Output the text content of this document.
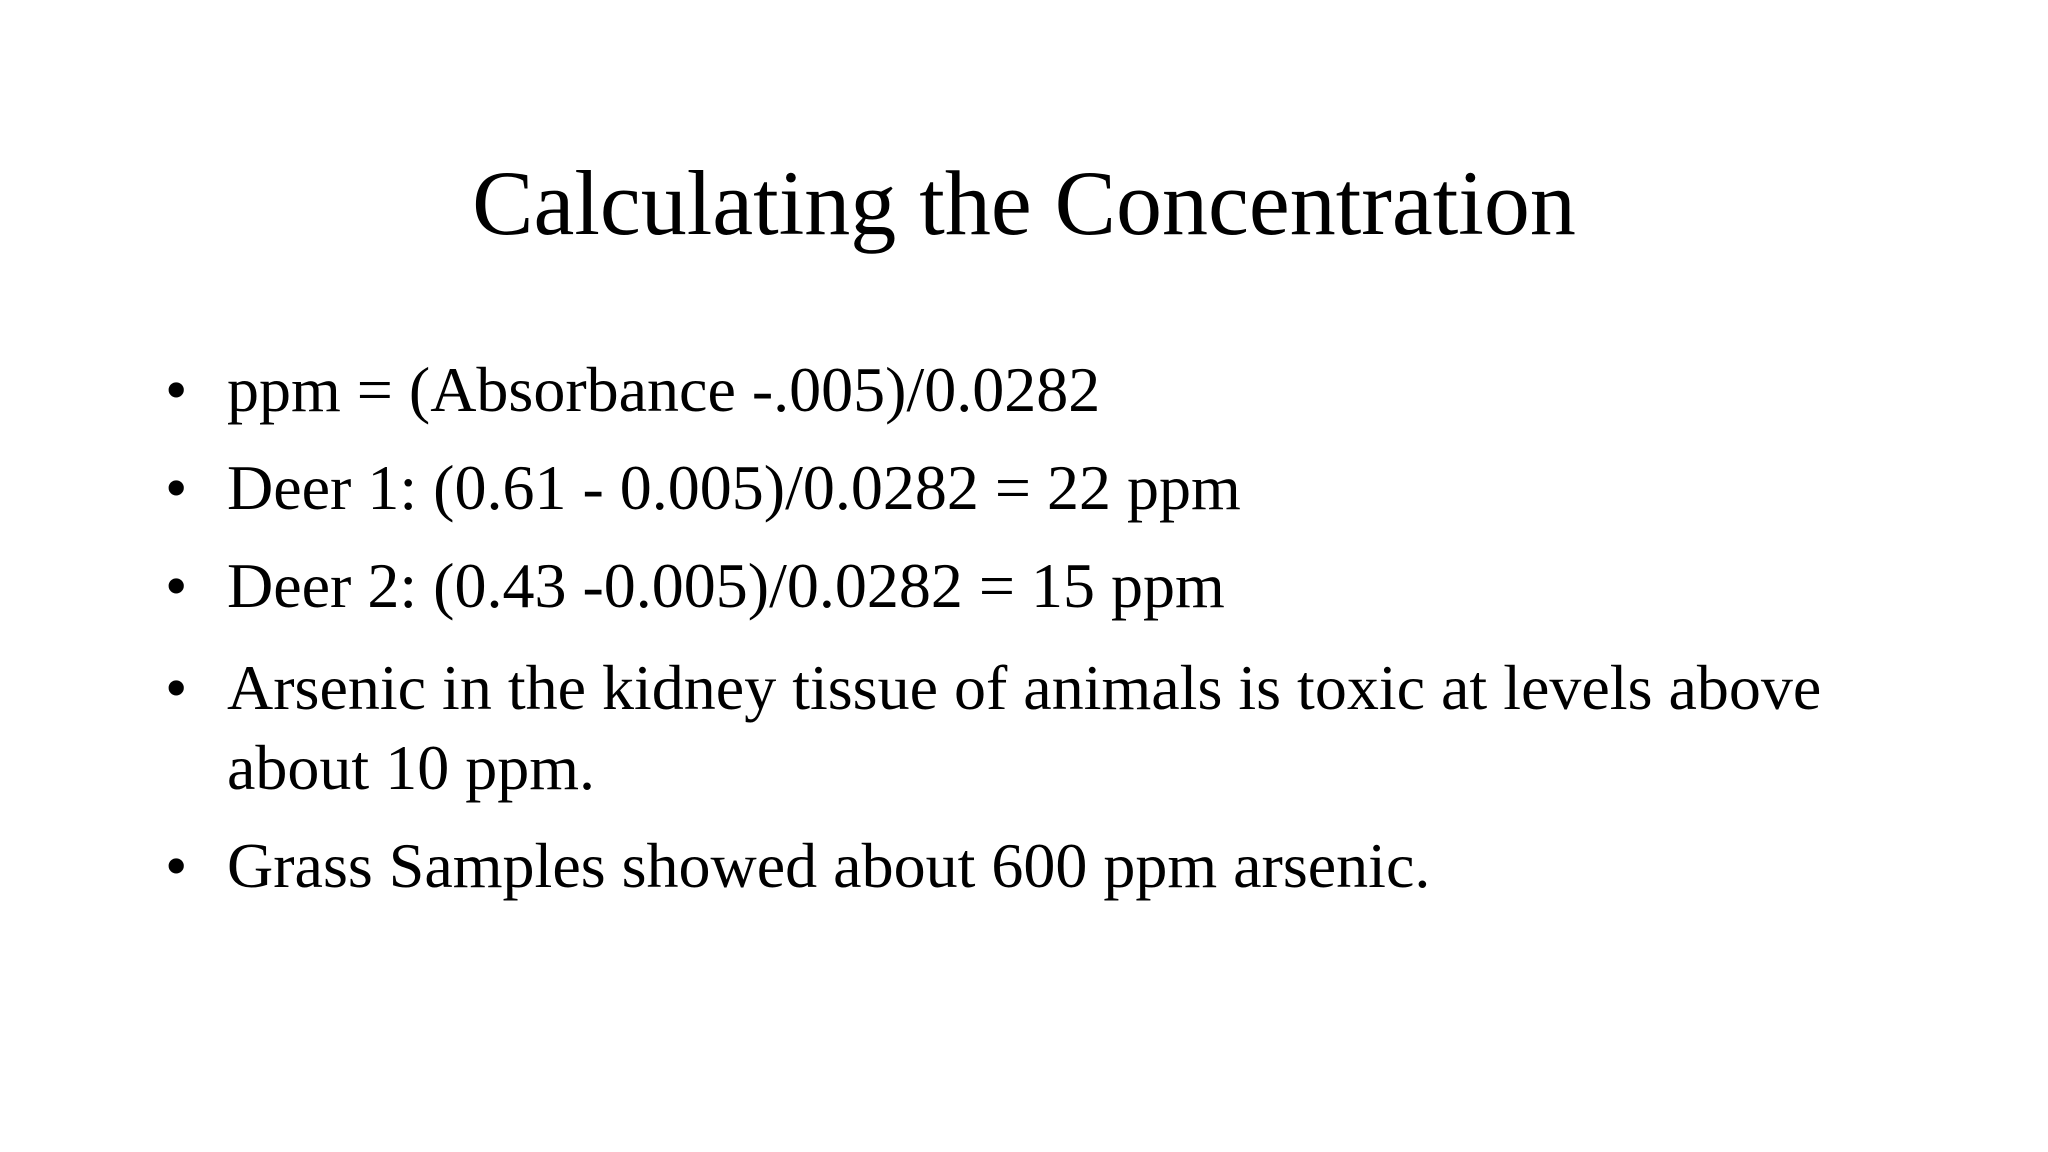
Calculating the Concentration
• ppm = (Absorbance -.005)/0.0282
• Deer 1: (0.61 - 0.005)/0.0282 = 22 ppm
• Deer 2: (0.43 -0.005)/0.0282 = 15 ppm
• Arsenic in the kidney tissue of animals is toxic at levels above about 10 ppm.
• Grass Samples showed about 600 ppm arsenic.
